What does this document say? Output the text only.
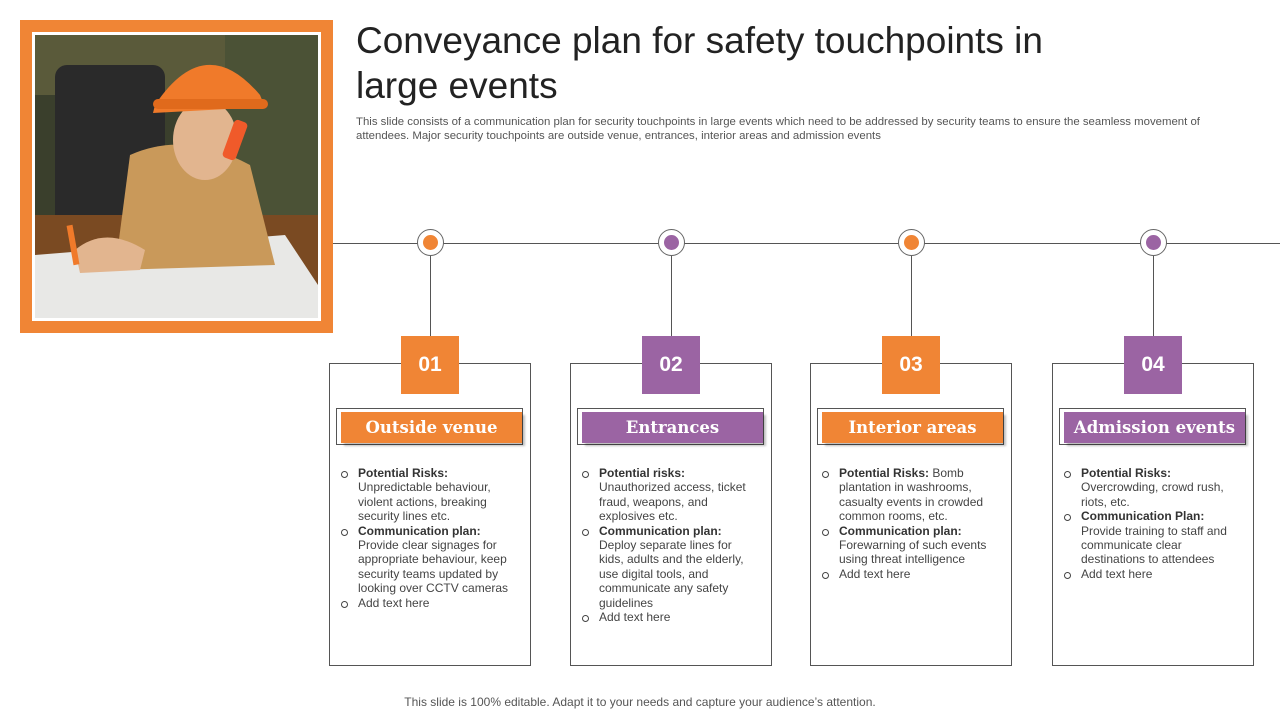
Conveyance plan for safety touchpoints in large events

This slide consists of a communication plan for security touchpoints in large events which need to be addressed by security teams to ensure the seamless movement of attendees. Major security touchpoints are outside venue, entrances, interior areas and admission events

01
Outside venue
Potential Risks: Unpredictable behaviour, violent actions, breaking security lines etc.
Communication plan: Provide clear signages for appropriate behaviour, keep security teams updated by looking over CCTV cameras
Add text here
02
Entrances
Potential risks: Unauthorized access, ticket fraud, weapons, and explosives etc.
Communication plan: Deploy separate lines for kids, adults and the elderly, use digital tools, and communicate any safety guidelines
Add text here
03
Interior areas
Potential Risks: Bomb plantation in washrooms, casualty events in crowded common rooms, etc.
Communication plan: Forewarning of such events using threat intelligence
Add text here
04
Admission events
Potential Risks: Overcrowding, crowd rush, riots, etc.
Communication Plan: Provide training to staff and communicate clear destinations to attendees
Add text here
This slide is 100% editable. Adapt it to your needs and capture your audience’s attention.
